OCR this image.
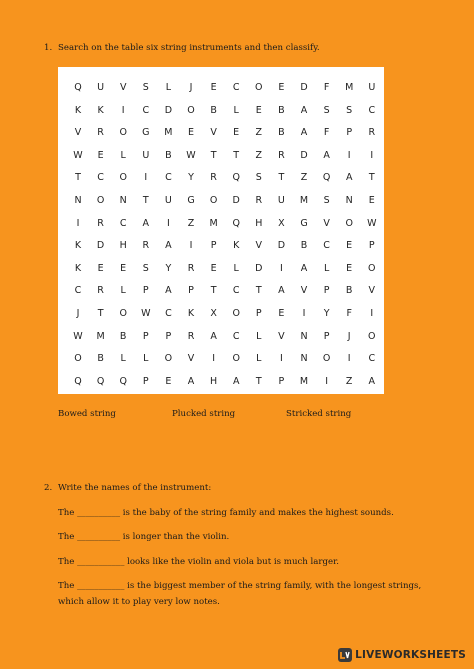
1. Search on the table six string instruments and then classify.
Q	U	V	S	L	J	E	C	O	E	D	F	M	U
K	K	I	C	D	O	B	L	E	B	A	S	S	C
V	R	O	G	M	E	V	E	Z	B	A	F	P	R
W	E	L	U	B	W	T	T	Z	R	D	A	I	I
T	C	O	I	C	Y	R	Q	S	T	Z	Q	A	T
N	O	N	T	U	G	O	D	R	U	M	S	N	E
I	R	C	A	I	Z	M	Q	H	X	G	V	O	W
K	D	H	R	A	I	P	K	V	D	B	C	E	P
K	E	E	S	Y	R	E	L	D	I	A	L	E	O
C	R	L	P	A	P	T	C	T	A	V	P	B	V
J	T	O	W	C	K	X	O	P	E	I	Y	F	I
W	M	B	P	P	R	A	C	L	V	N	P	J	O
O	B	L	L	O	V	I	O	L	I	N	O	I	C
Q	Q	Q	P	E	A	H	A	T	P	M	I	Z	A
Bowed string	Plucked string	Stricked string
2. Write the names of the instrument:
The __________ is the baby of the string family and makes the highest sounds.
The __________ is longer than the violin.
The ___________ looks like the violin and viola but is much larger.
The ___________ is the biggest member of the string family, with the longest strings,
which allow it to play very low notes.
LIVEWORKSHEETS
